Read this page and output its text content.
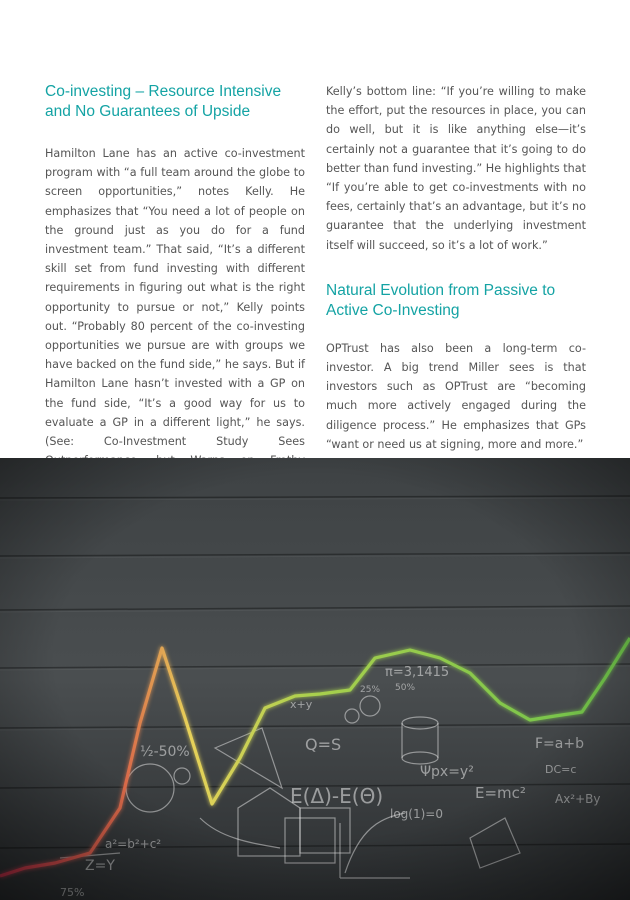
Co-investing – Resource Intensive and No Guarantees of Upside

Hamilton Lane has an active co-investment program with “a full team around the globe to screen opportunities,” notes Kelly. He emphasizes that “You need a lot of people on the ground just as you do for a fund investment team.” That said, “It’s a different skill set from fund investing with different requirements in figuring out what is the right opportunity to pursue or not,” Kelly points out. “Probably 80 percent of the co-investing opportunities we pursue are with groups we have backed on the fund side,” he says. But if Hamilton Lane hasn’t invested with a GP on the fund side, “It’s a good way for us to evaluate a GP in a different light,” he says. (See: Co-Investment Study Sees

Kelly’s bottom line: “If you’re willing to make the effort, put the resources in place, you can do well, but it is like anything else—it’s certainly not a guarantee that it’s going to do better than fund investing.” He highlights that “If you’re able to get co-investments with no fees, certainly that’s an advantage, but it’s no guarantee that the underlying investment itself will succeed, so it’s a lot of work.”

Natural Evolution from Passive to Active Co-Investing

OPTrust has also been a long-term co-investor. A big trend Miller sees is that investors such as OPTrust are “becoming much more actively engaged during the diligence process.” He emphasizes that GPs “want or need us at signing, more and more.”
